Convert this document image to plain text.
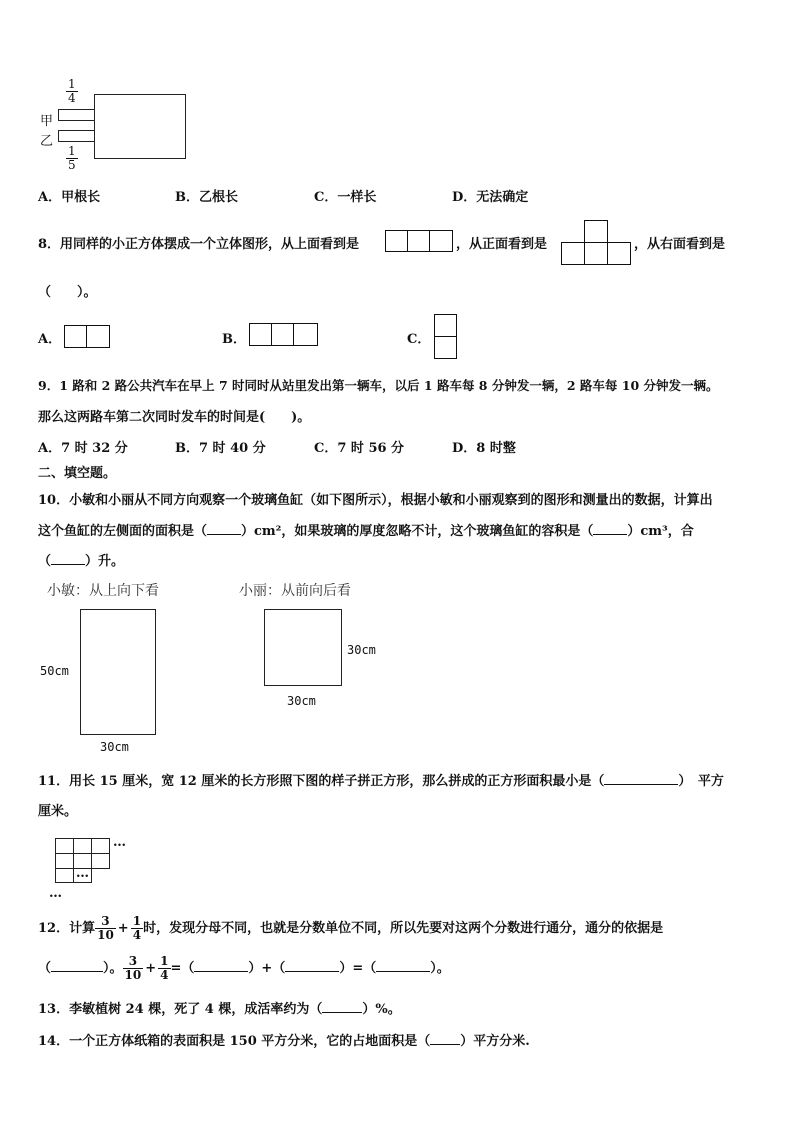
$\frac{1}{4}$
甲
乙
$\frac{1}{5}$
A．甲根长	B．乙根长	C．一样长	D．无法确定
8．用同样的小正方体摆成一个立体图形，从上面看到是	，从正面看到是	，从右面看到是
（　　）。
A．	B．	C．
9．1 路和 2 路公共汽车在早上 7 时同时从站里发出第一辆车，以后 1 路车每 8 分钟发一辆，2 路车每 10 分钟发一辆。
那么这两路车第二次同时发车的时间是(　　)。
A．7 时 32 分	B．7 时 40 分	C．7 时 56 分	D．8 时整
二、填空题。
10．小敏和小丽从不同方向观察一个玻璃鱼缸（如下图所示），根据小敏和小丽观察到的图形和测量出的数据，计算出
这个鱼缸的左侧面的面积是（	）cm²，如果玻璃的厚度忽略不计，这个玻璃鱼缸的容积是（	）cm³，合
（	）升。
小敏：从上向下看
50cm
30cm
小丽：从前向后看
30cm
30cm
11．用长 15 厘米，宽 12 厘米的长方形照下图的样子拼正方形，那么拼成的正方形面积最小是（	）　平方
厘米。
…
…
…
12．计算 $\frac{3}{10} + \frac{1}{4}$ 时，发现分母不同，也就是分数单位不同，所以先要对这两个分数进行通分，通分的依据是
（	）。 $\frac{3}{10} + \frac{1}{4}$ =（	）+（	）=（	）。
13．李敏植树 24 棵，死了 4 棵，成活率约为（	）%。
14．一个正方体纸箱的表面积是 150 平方分米，它的占地面积是（ ）平方分米.
